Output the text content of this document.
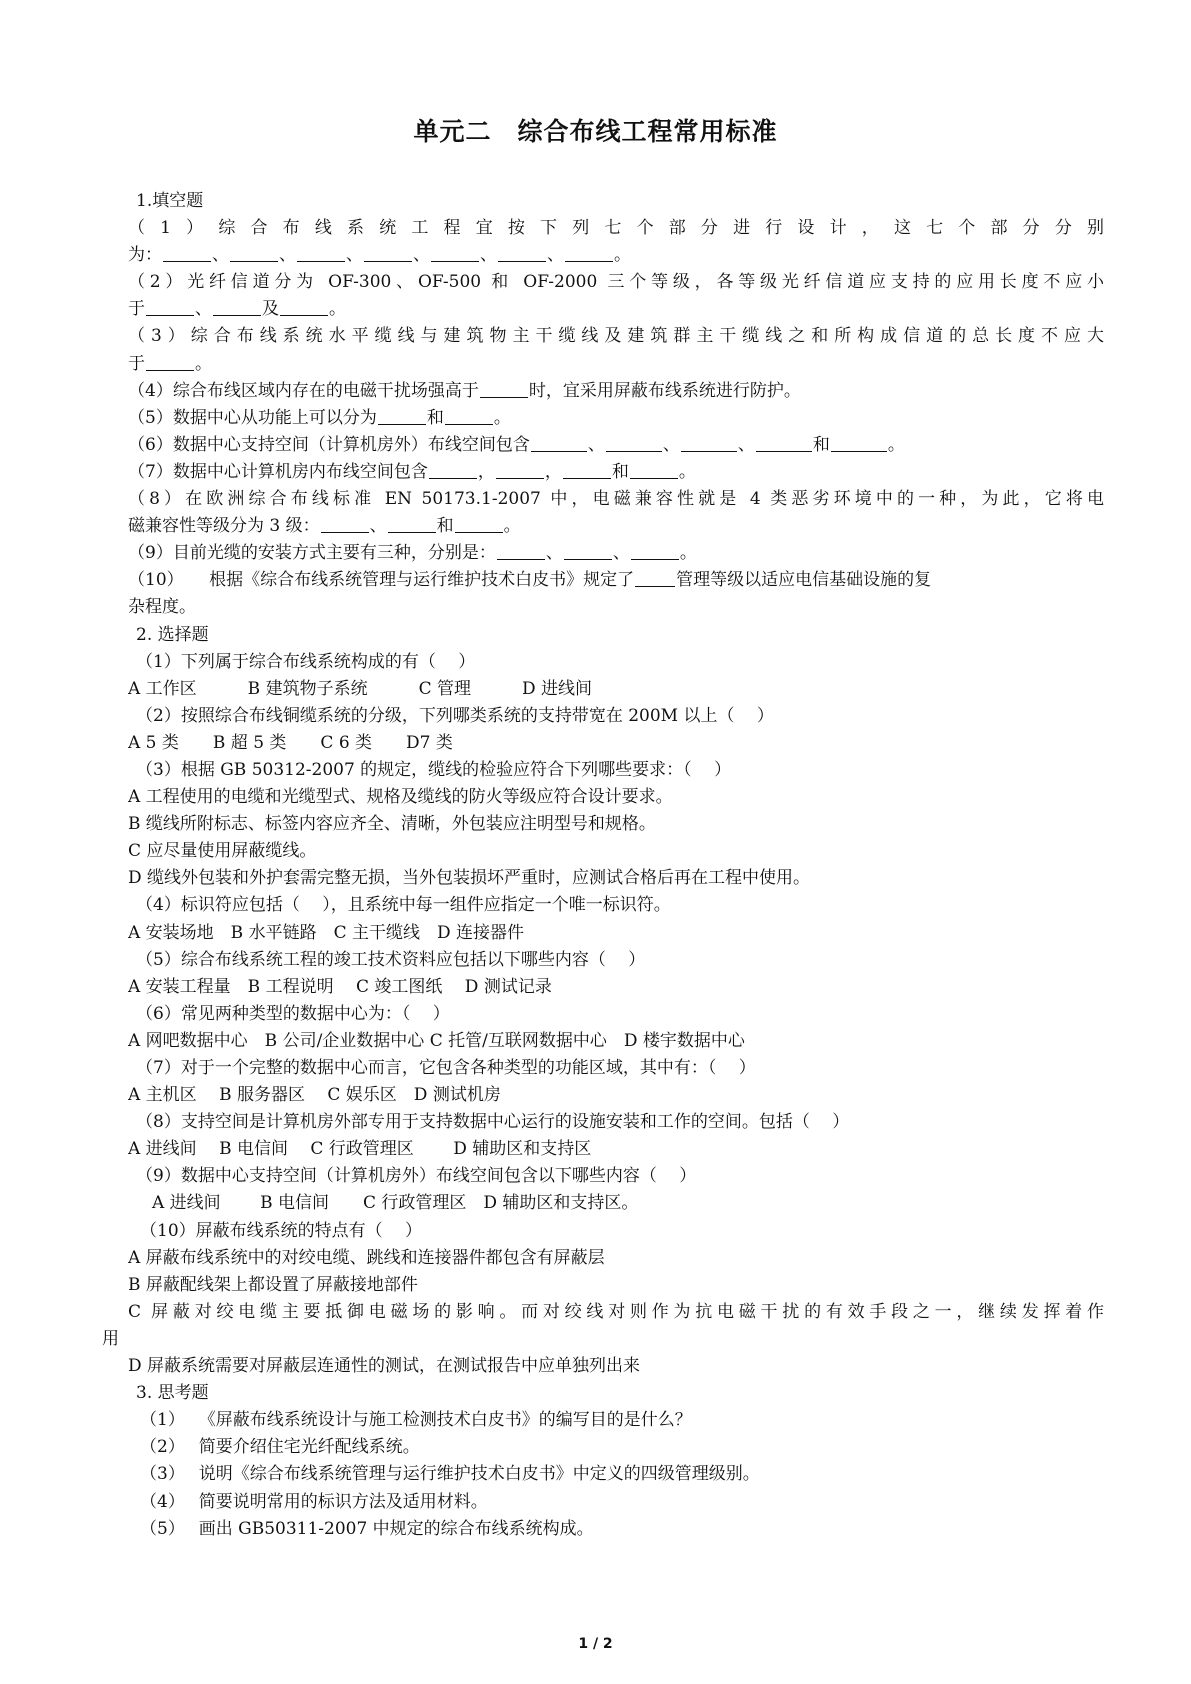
单元二　综合布线工程常用标准
1.填空题
（1）综合布线系统工程宜按下列七个部分进行设计，这七个部分分别
为：	、	、	、	、	、	、	。
（2）光纤信道分为 OF-300、OF-500 和 OF-2000 三个等级，各等级光纤信道应支持的应用长度不应小
于	、	及	。
（3）综合布线系统水平缆线与建筑物主干缆线及建筑群主干缆线之和所构成信道的总长度不应大
于	。
（4）综合布线区域内存在的电磁干扰场强高于	时，宜采用屏蔽布线系统进行防护。
（5）数据中心从功能上可以分为	和	。
（6）数据中心支持空间（计算机房外）布线空间包含	、	、	、	和	。
（7）数据中心计算机房内布线空间包含	，	，	和	。
（8）在欧洲综合布线标准 EN 50173.1-2007 中，电磁兼容性就是 4 类恶劣环境中的一种，为此，它将电
磁兼容性等级分为 3 级：	、	和	。
（9）目前光缆的安装方式主要有三种，分别是：	、	、	。
（10）　　根据《综合布线系统管理与运行维护技术白皮书》规定了 管理等级以适应电信基础设施的复
杂程度。
2. 选择题
（1）下列属于综合布线系统构成的有（　 ）
A 工作区　　　B 建筑物子系统　　　C 管理　　　D 进线间
（2）按照综合布线铜缆系统的分级，下列哪类系统的支持带宽在 200M 以上（　 ）
A 5 类　　B 超 5 类　　C 6 类　　D7 类
（3）根据 GB 50312-2007 的规定，缆线的检验应符合下列哪些要求：（　 ）
A 工程使用的电缆和光缆型式、规格及缆线的防火等级应符合设计要求。
B 缆线所附标志、标签内容应齐全、清晰，外包装应注明型号和规格。
C 应尽量使用屏蔽缆线。
D 缆线外包装和外护套需完整无损，当外包装损坏严重时，应测试合格后再在工程中使用。
（4）标识符应包括（　 ），且系统中每一组件应指定一个唯一标识符。
A 安装场地　B 水平链路　C 主干缆线　D 连接器件
（5）综合布线系统工程的竣工技术资料应包括以下哪些内容（　 ）
A 安装工程量　B 工程说明　 C 竣工图纸　 D 测试记录
（6）常见两种类型的数据中心为：（　 ）
A 网吧数据中心　B 公司/企业数据中心 C 托管/互联网数据中心　D 楼宇数据中心
（7）对于一个完整的数据中心而言，它包含各种类型的功能区域，其中有：（　 ）
A 主机区　 B 服务器区　 C 娱乐区　D 测试机房
（8）支持空间是计算机房外部专用于支持数据中心运行的设施安装和工作的空间。包括（　 ）
A 进线间　 B 电信间　 C 行政管理区　　 D 辅助区和支持区
（9）数据中心支持空间（计算机房外）布线空间包含以下哪些内容（　 ）
A 进线间　　 B 电信间　　C 行政管理区　D 辅助区和支持区。
（10）屏蔽布线系统的特点有（　 ）
A 屏蔽布线系统中的对绞电缆、跳线和连接器件都包含有屏蔽层
B 屏蔽配线架上都设置了屏蔽接地部件
C 屏蔽对绞电缆主要抵御电磁场的影响。而对绞线对则作为抗电磁干扰的有效手段之一，继续发挥着作
用
D 屏蔽系统需要对屏蔽层连通性的测试，在测试报告中应单独列出来
3. 思考题
（1）　 《屏蔽布线系统设计与施工检测技术白皮书》的编写目的是什么？
（2）　 简要介绍住宅光纤配线系统。
（3）　 说明《综合布线系统管理与运行维护技术白皮书》中定义的四级管理级别。
（4）　 简要说明常用的标识方法及适用材料。
（5）　 画出 GB50311-2007 中规定的综合布线系统构成。
1 / 2
